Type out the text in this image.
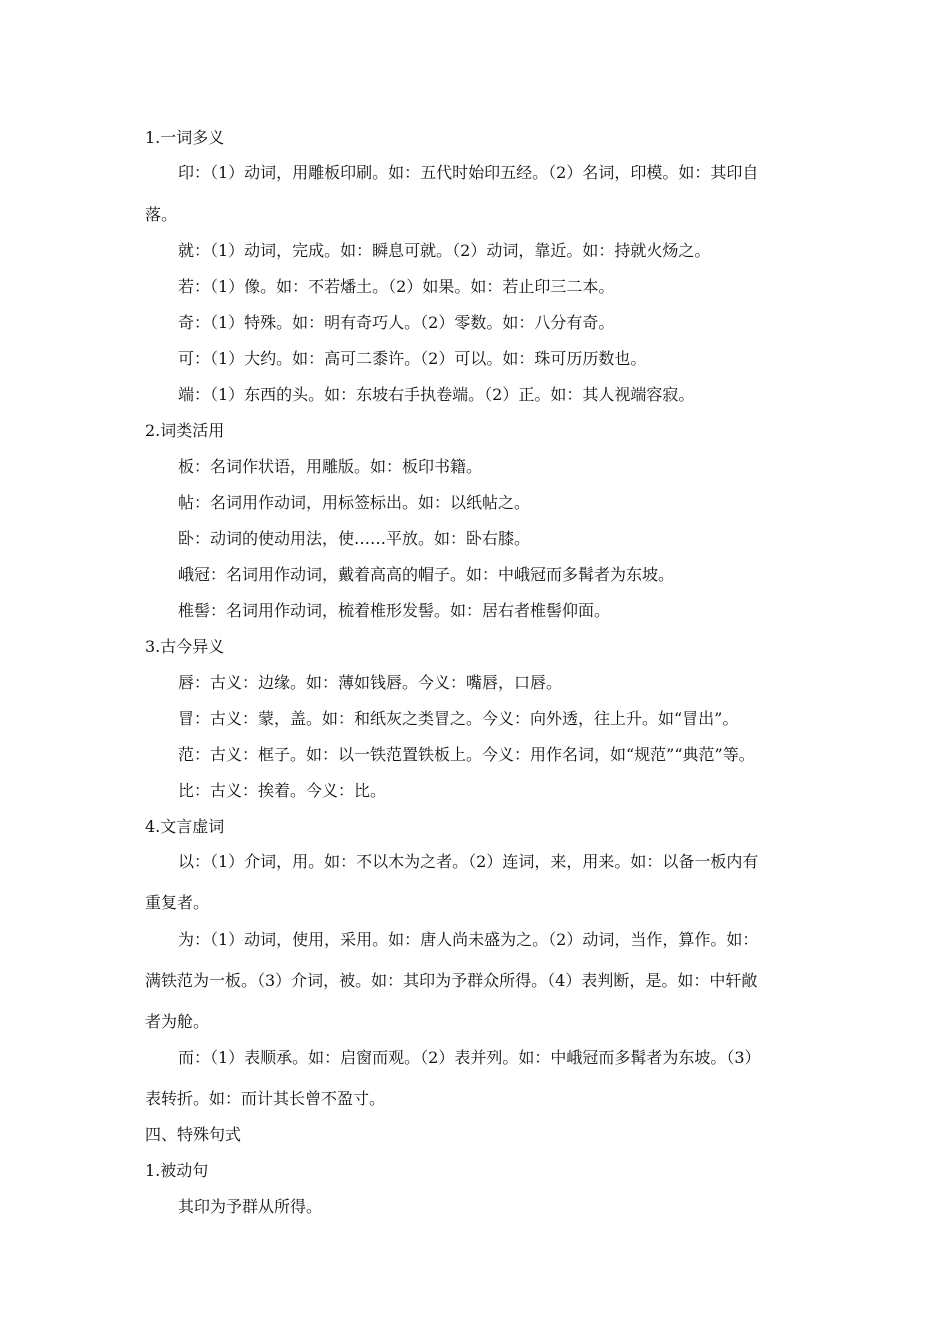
1.一词多义
印：（1）动词，用雕板印刷。如：五代时始印五经。（2）名词，印模。如：其印自
落。
就：（1）动词，完成。如：瞬息可就。（2）动词，靠近。如：持就火炀之。
若：（1）像。如：不若燔土。（2）如果。如：若止印三二本。
奇：（1）特殊。如：明有奇巧人。（2）零数。如：八分有奇。
可：（1）大约。如：高可二黍许。（2）可以。如：珠可历历数也。
端：（1）东西的头。如：东坡右手执卷端。（2）正。如：其人视端容寂。
2.词类活用
板：名词作状语，用雕版。如：板印书籍。
帖：名词用作动词，用标签标出。如：以纸帖之。
卧：动词的使动用法，使……平放。如：卧右膝。
峨冠：名词用作动词，戴着高高的帽子。如：中峨冠而多髯者为东坡。
椎髻：名词用作动词，梳着椎形发髻。如：居右者椎髻仰面。
3.古今异义
唇：古义：边缘。如：薄如钱唇。今义：嘴唇，口唇。
冒：古义：蒙，盖。如：和纸灰之类冒之。今义：向外透，往上升。如“冒出”。
范：古义：框子。如：以一铁范置铁板上。今义：用作名词，如“规范”“典范”等。
比：古义：挨着。今义：比。
4.文言虚词
以：（1）介词，用。如：不以木为之者。（2）连词，来，用来。如：以备一板内有
重复者。
为：（1）动词，使用，采用。如：唐人尚未盛为之。（2）动词，当作，算作。如：
满铁范为一板。（3）介词，被。如：其印为予群众所得。（4）表判断，是。如：中轩敞
者为舱。
而：（1）表顺承。如：启窗而观。（2）表并列。如：中峨冠而多髯者为东坡。（3）
表转折。如：而计其长曾不盈寸。
四、特殊句式
1.被动句
其印为予群从所得。
